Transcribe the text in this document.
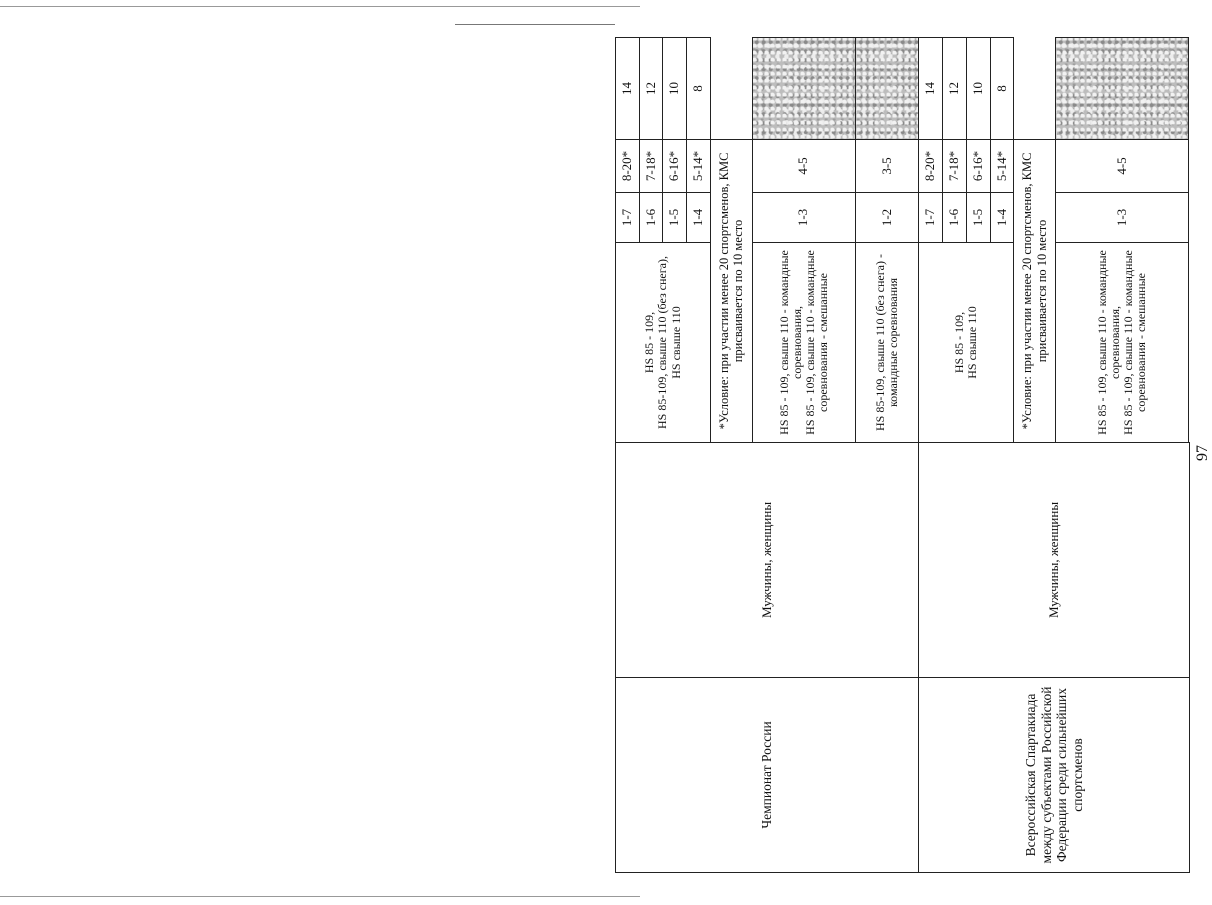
97
Чемпионат России	Мужчины, женщины	HS 85 - 109,
HS 85-109, свыше 110 (без снега),
HS свыше 110	1-7	8-20*	14
			1-6	7-18*	12
			1-5	6-16*	10
			1-4	5-14*	8
		*Условие: при участии менее 20 спортсменов, КМС присваивается по 10 место			

		HS 85 - 109, свыше 110 - командные соревнования,
HS 85 - 109, свыше 110 - командные соревнования - смешанные	1-3	4-5	
		HS 85-109, свыше 110 (без снега) - командные соревнования	1-2	3-5	
Всероссийская Спартакиада между субъектами Российской Федерации среди сильнейших спортсменов	Мужчины, женщины	HS 85 - 109,
HS свыше 110	1-7	8-20*	14
			1-6	7-18*	12
			1-5	6-16*	10
			1-4	5-14*	8
		*Условие: при участии менее 20 спортсменов, КМС присваивается по 10 место			

		HS 85 - 109, свыше 110 - командные соревнования,
HS 85 - 109, свыше 110 - командные соревнования - смешанные	1-3	4-5	
